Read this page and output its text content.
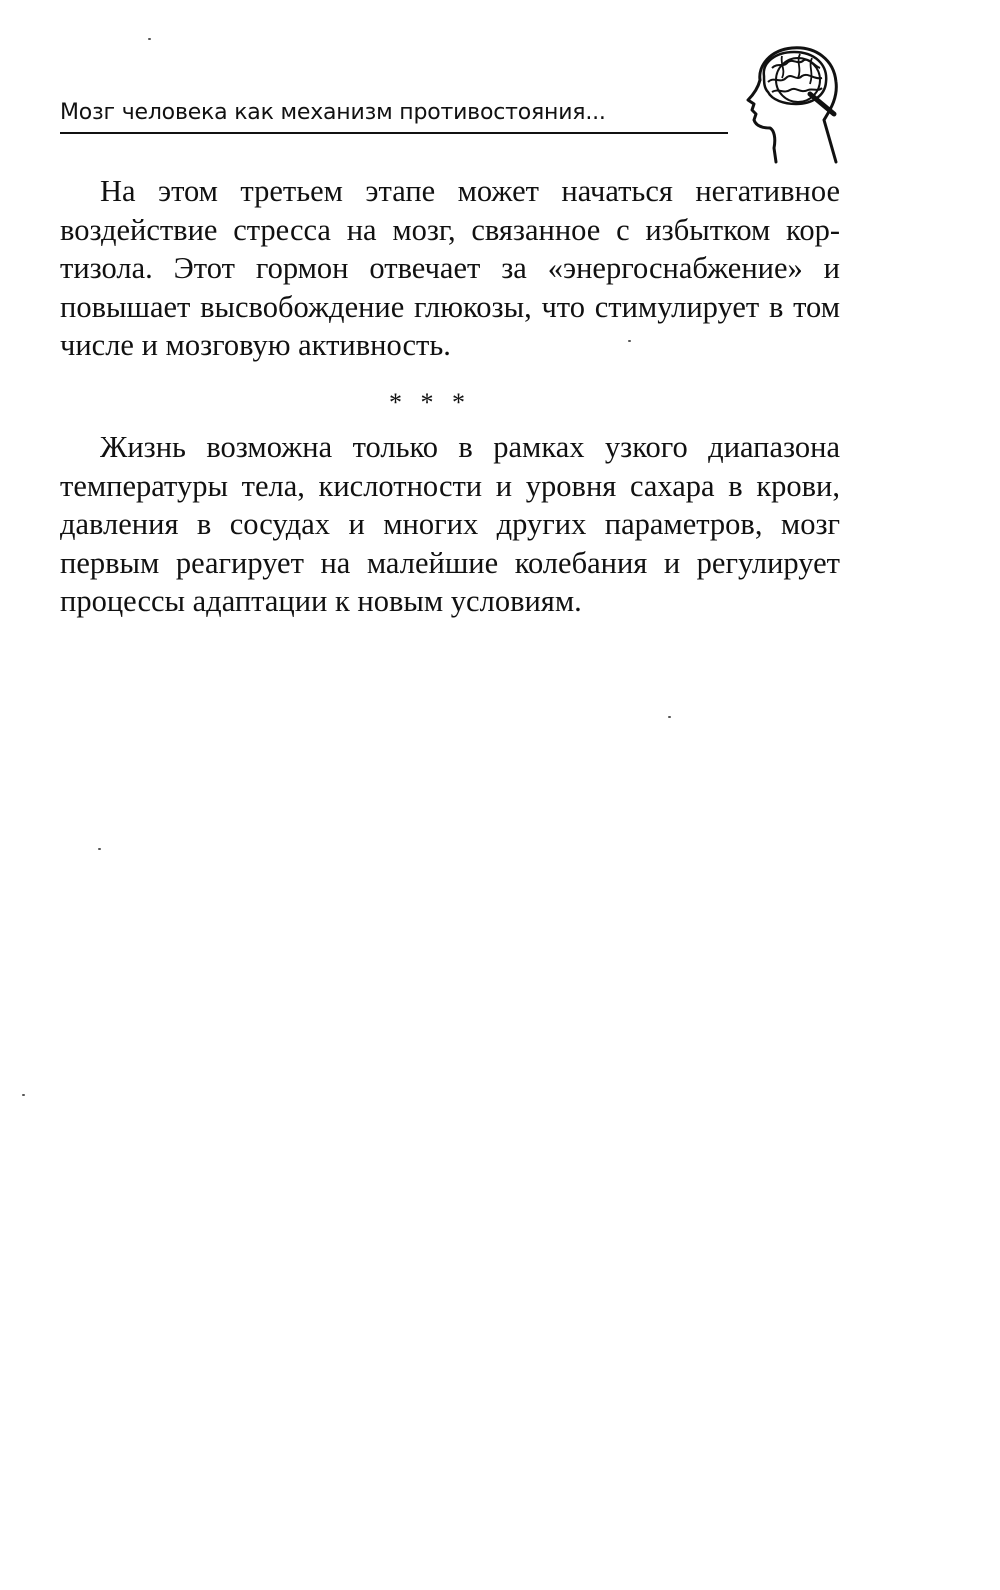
Мозг человека как механизм противостояния...

На этом третьем этапе может начаться негативное воздействие стресса на мозг, связанное с избытком кортизола. Этот гормон отвечает за «энергоснабжение» и повышает высвобождение глюкозы, что стимулирует в том числе и мозговую активность.

* * *

Жизнь возможна только в рамках узкого диапазона температуры тела, кислотности и уровня сахара в крови, давления в сосудах и многих других параметров, мозг первым реагирует на малейшие колебания и регулирует процессы адаптации к новым условиям.
